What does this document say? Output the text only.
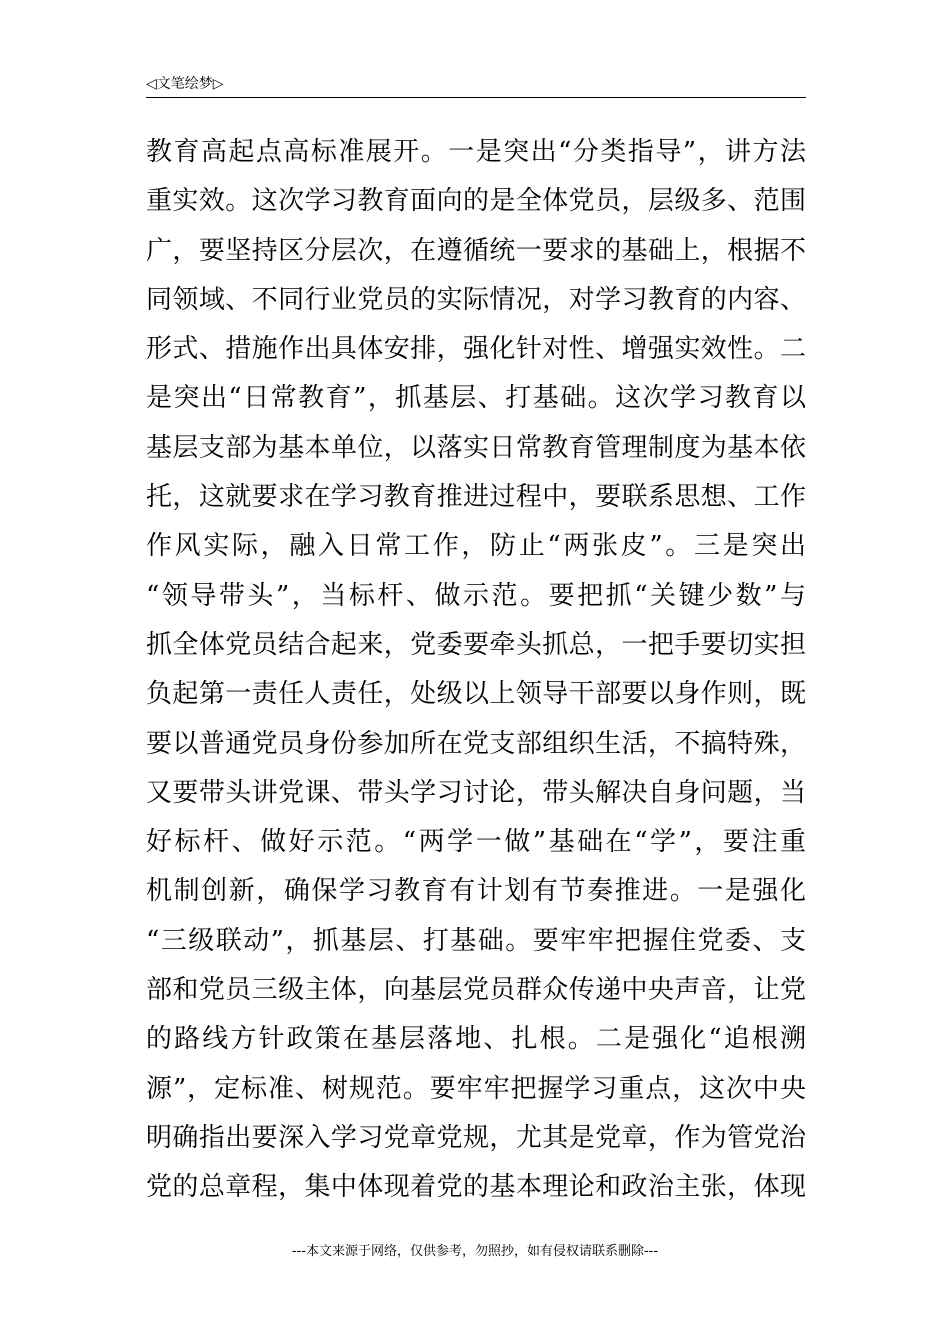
◁文笔绘梦▷
教育高起点高标准展开。一是突出“分类指导”，讲方法
重实效。这次学习教育面向的是全体党员，层级多、范围
广，要坚持区分层次，在遵循统一要求的基础上，根据不
同领域、不同行业党员的实际情况，对学习教育的内容、
形式、措施作出具体安排，强化针对性、增强实效性。二
是突出“日常教育”，抓基层、打基础。这次学习教育以
基层支部为基本单位，以落实日常教育管理制度为基本依
托，这就要求在学习教育推进过程中，要联系思想、工作
作风实际，融入日常工作，防止“两张皮”。三是突出
“领导带头”，当标杆、做示范。要把抓“关键少数”与
抓全体党员结合起来，党委要牵头抓总，一把手要切实担
负起第一责任人责任，处级以上领导干部要以身作则，既
要以普通党员身份参加所在党支部组织生活，不搞特殊，
又要带头讲党课、带头学习讨论，带头解决自身问题，当
好标杆、做好示范。“两学一做”基础在“学”，要注重
机制创新，确保学习教育有计划有节奏推进。一是强化
“三级联动”，抓基层、打基础。要牢牢把握住党委、支
部和党员三级主体，向基层党员群众传递中央声音，让党
的路线方针政策在基层落地、扎根。二是强化“追根溯
源”，定标准、树规范。要牢牢把握学习重点，这次中央
明确指出要深入学习党章党规，尤其是党章，作为管党治
党的总章程，集中体现着党的基本理论和政治主张，体现
---本文来源于网络，仅供参考，勿照抄，如有侵权请联系删除---
